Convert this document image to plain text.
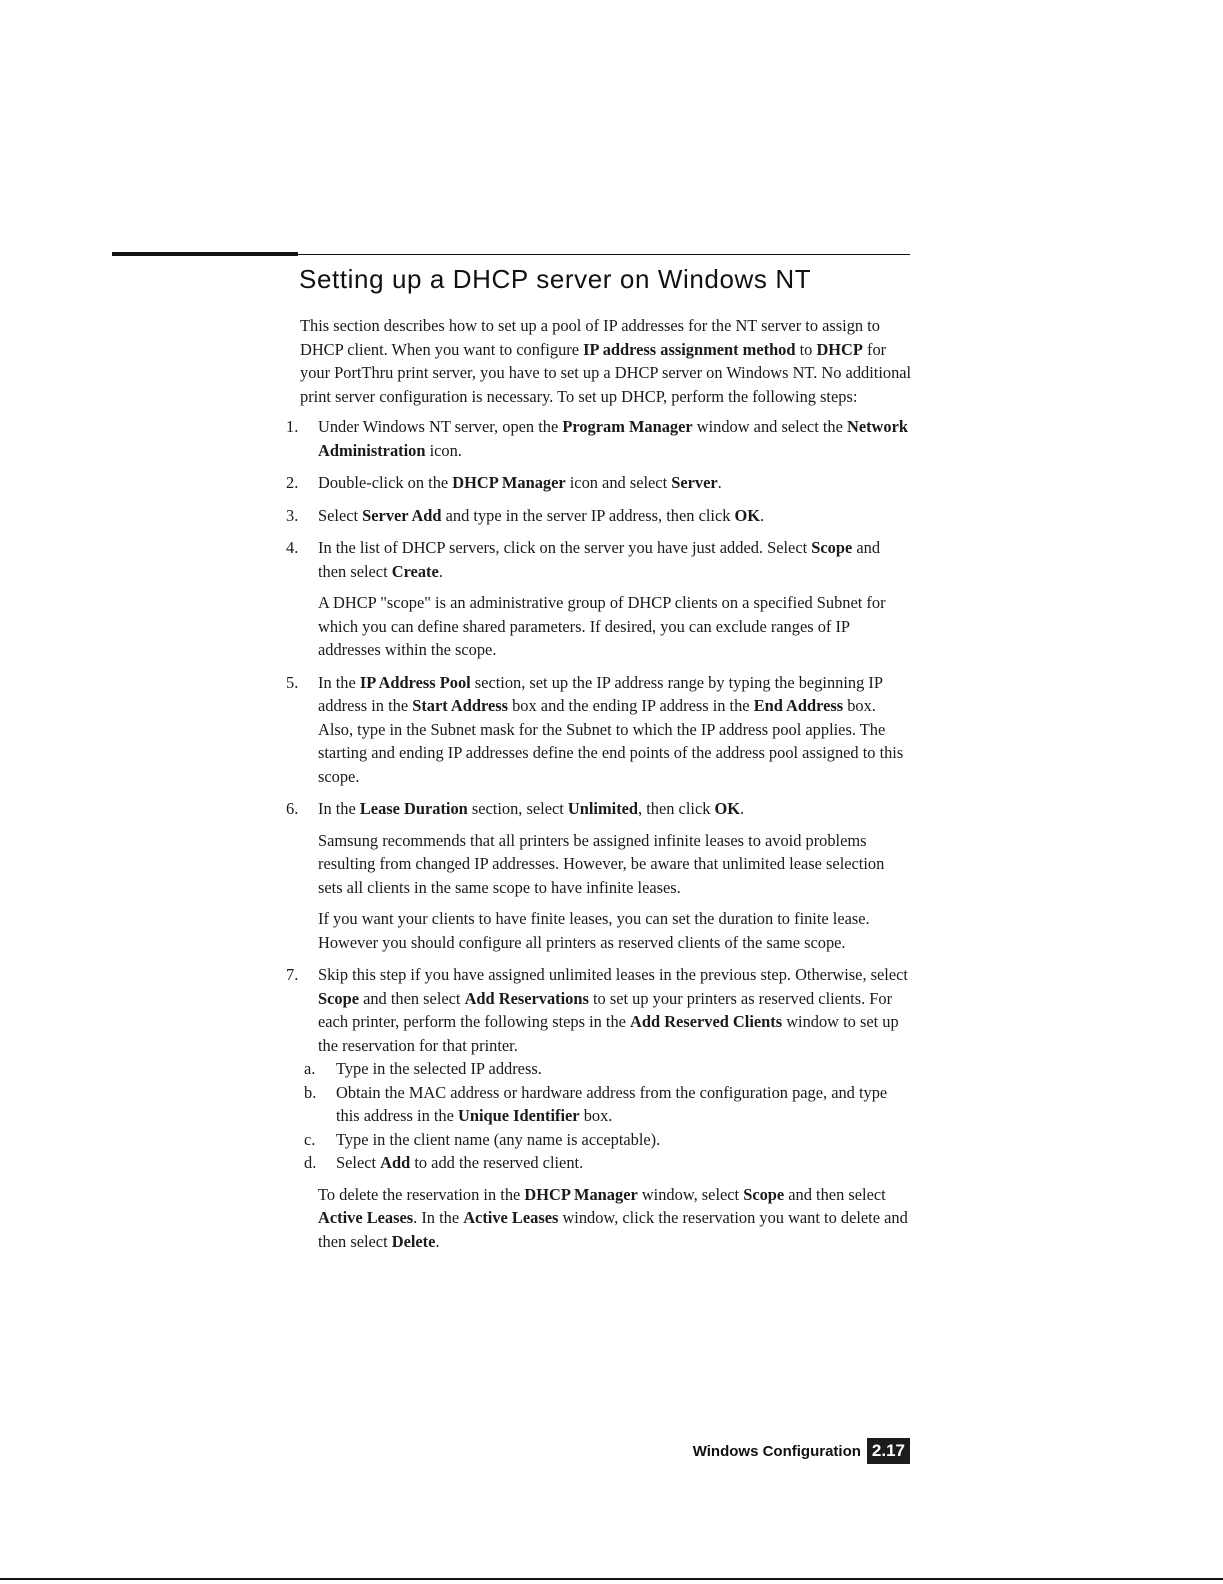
Setting up a DHCP server on Windows NT

This section describes how to set up a pool of IP addresses for the NT server to assign to DHCP client. When you want to configure IP address assignment method to DHCP for your PortThru print server, you have to set up a DHCP server on Windows NT. No additional print server configuration is necessary. To set up DHCP, perform the following steps:

1.	Under Windows NT server, open the Program Manager window and select the Network Administration icon.

2.	Double-click on the DHCP Manager icon and select Server.

3.	Select Server Add and type in the server IP address, then click OK.

4.	In the list of DHCP servers, click on the server you have just added. Select Scope and then select Create.

A DHCP "scope" is an administrative group of DHCP clients on a specified Subnet for which you can define shared parameters. If desired, you can exclude ranges of IP addresses within the scope.

5.	In the IP Address Pool section, set up the IP address range by typing the beginning IP address in the Start Address box and the ending IP address in the End Address box. Also, type in the Subnet mask for the Subnet to which the IP address pool applies. The starting and ending IP addresses define the end points of the address pool assigned to this scope.

6.	In the Lease Duration section, select Unlimited, then click OK.

Samsung recommends that all printers be assigned infinite leases to avoid problems resulting from changed IP addresses. However, be aware that unlimited lease selection sets all clients in the same scope to have infinite leases.

If you want your clients to have finite leases, you can set the duration to finite lease.

However you should configure all printers as reserved clients of the same scope.

7.	Skip this step if you have assigned unlimited leases in the previous step. Otherwise, select Scope and then select Add Reservations to set up your printers as reserved clients. For each printer, perform the following steps in the Add Reserved Clients window to set up the reservation for that printer.

a.	Type in the selected IP address.
b.	Obtain the MAC address or hardware address from the configuration page, and type this address in the Unique Identifier box.
c.	Type in the client name (any name is acceptable).
d.	Select Add to add the reserved client.

To delete the reservation in the DHCP Manager window, select Scope and then select Active Leases. In the Active Leases window, click the reservation you want to delete and then select Delete.

Windows Configuration 2.17
